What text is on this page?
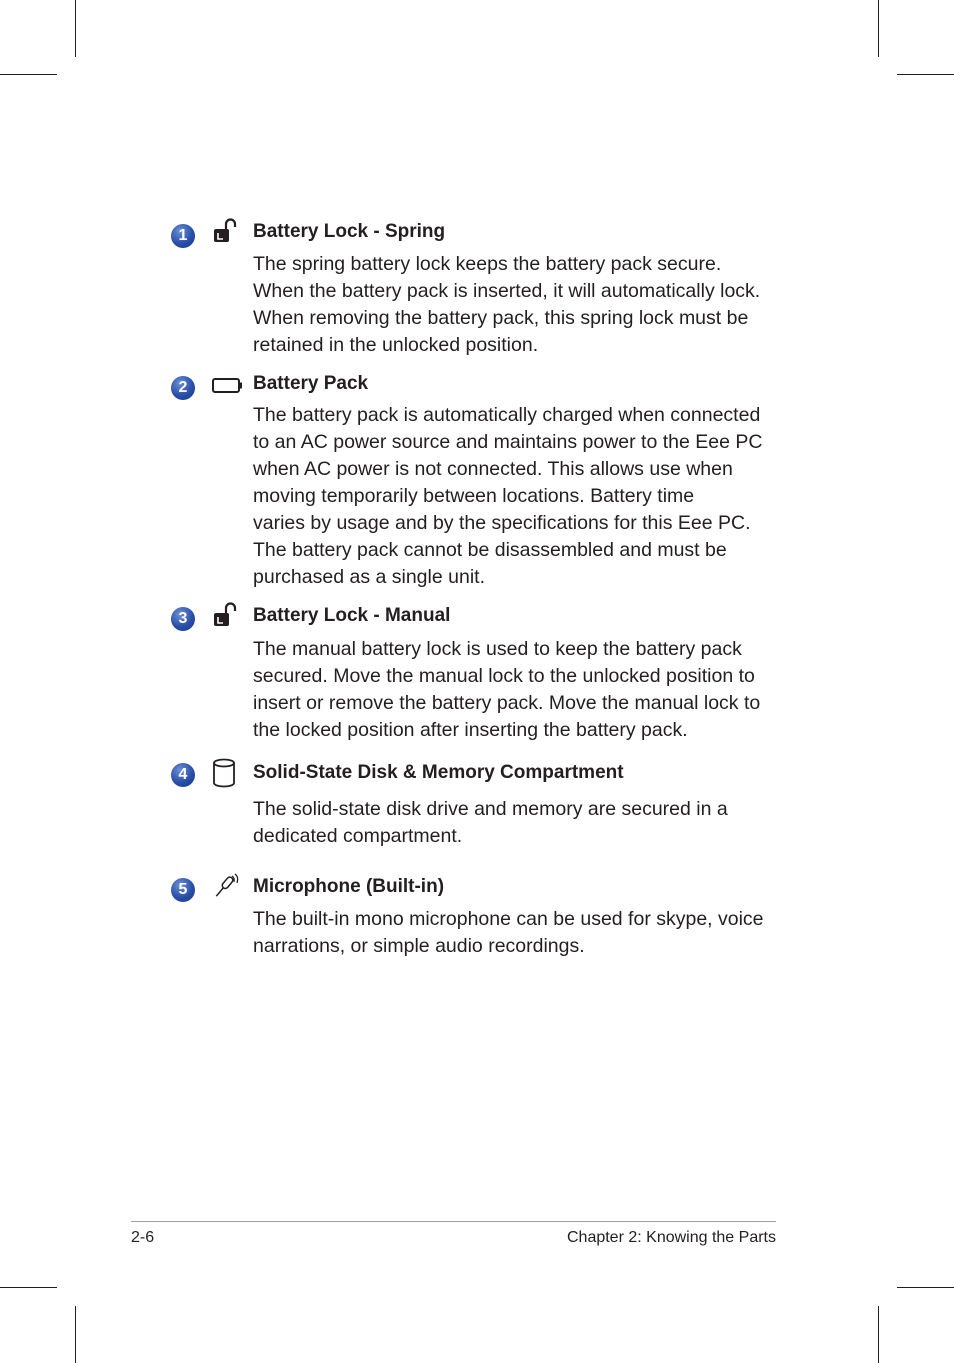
1	Battery Lock - Spring

The spring battery lock keeps the battery pack secure.
When the battery pack is inserted, it will automatically lock.
When removing the battery pack, this spring lock must be
retained in the unlocked position.

2	Battery Pack

The battery pack is automatically charged when connected
to an AC power source and maintains power to the Eee PC
when AC power is not connected. This allows use when
moving temporarily between locations. Battery time
varies by usage and by the specifications for this Eee PC.
The battery pack cannot be disassembled and must be
purchased as a single unit.

3	Battery Lock - Manual

The manual battery lock is used to keep the battery pack
secured. Move the manual lock to the unlocked position to
insert or remove the battery pack. Move the manual lock to
the locked position after inserting the battery pack.

4	Solid-State Disk & Memory Compartment

The solid-state disk drive and memory are secured in a
dedicated compartment.

5	Microphone (Built-in)

The built-in mono microphone can be used for skype, voice
narrations, or simple audio recordings.

2-6	Chapter 2: Knowing the Parts
